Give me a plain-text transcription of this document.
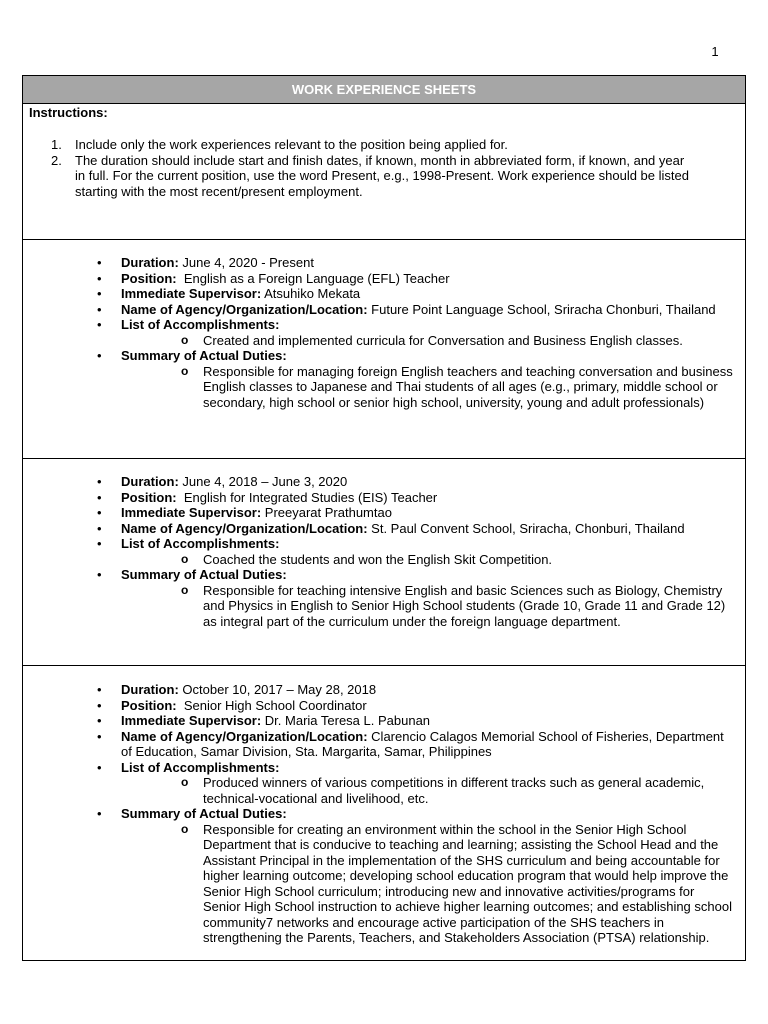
1
WORK EXPERIENCE SHEETS
Instructions:
1. Include only the work experiences relevant to the position being applied for.
2. The duration should include start and finish dates, if known, month in abbreviated form, if known, and year in full. For the current position, use the word Present, e.g., 1998-Present. Work experience should be listed starting with the most recent/present employment.
• Duration: June 4, 2020 - Present
• Position: English as a Foreign Language (EFL) Teacher
• Immediate Supervisor: Atsuhiko Mekata
• Name of Agency/Organization/Location: Future Point Language School, Sriracha Chonburi, Thailand
• List of Accomplishments:
o Created and implemented curricula for Conversation and Business English classes.
• Summary of Actual Duties:
o Responsible for managing foreign English teachers and teaching conversation and business English classes to Japanese and Thai students of all ages (e.g., primary, middle school or secondary, high school or senior high school, university, young and adult professionals)
• Duration: June 4, 2018 – June 3, 2020
• Position: English for Integrated Studies (EIS) Teacher
• Immediate Supervisor: Preeyarat Prathumtao
• Name of Agency/Organization/Location: St. Paul Convent School, Sriracha, Chonburi, Thailand
• List of Accomplishments:
o Coached the students and won the English Skit Competition.
• Summary of Actual Duties:
o Responsible for teaching intensive English and basic Sciences such as Biology, Chemistry and Physics in English to Senior High School students (Grade 10, Grade 11 and Grade 12) as integral part of the curriculum under the foreign language department.
• Duration: October 10, 2017 – May 28, 2018
• Position: Senior High School Coordinator
• Immediate Supervisor: Dr. Maria Teresa L. Pabunan
• Name of Agency/Organization/Location: Clarencio Calagos Memorial School of Fisheries, Department of Education, Samar Division, Sta. Margarita, Samar, Philippines
• List of Accomplishments:
o Produced winners of various competitions in different tracks such as general academic, technical-vocational and livelihood, etc.
• Summary of Actual Duties:
o Responsible for creating an environment within the school in the Senior High School Department that is conducive to teaching and learning; assisting the School Head and the Assistant Principal in the implementation of the SHS curriculum and being accountable for higher learning outcome; developing school education program that would help improve the Senior High School curriculum; introducing new and innovative activities/programs for Senior High School instruction to achieve higher learning outcomes; and establishing school community7 networks and encourage active participation of the SHS teachers in strengthening the Parents, Teachers, and Stakeholders Association (PTSA) relationship.
